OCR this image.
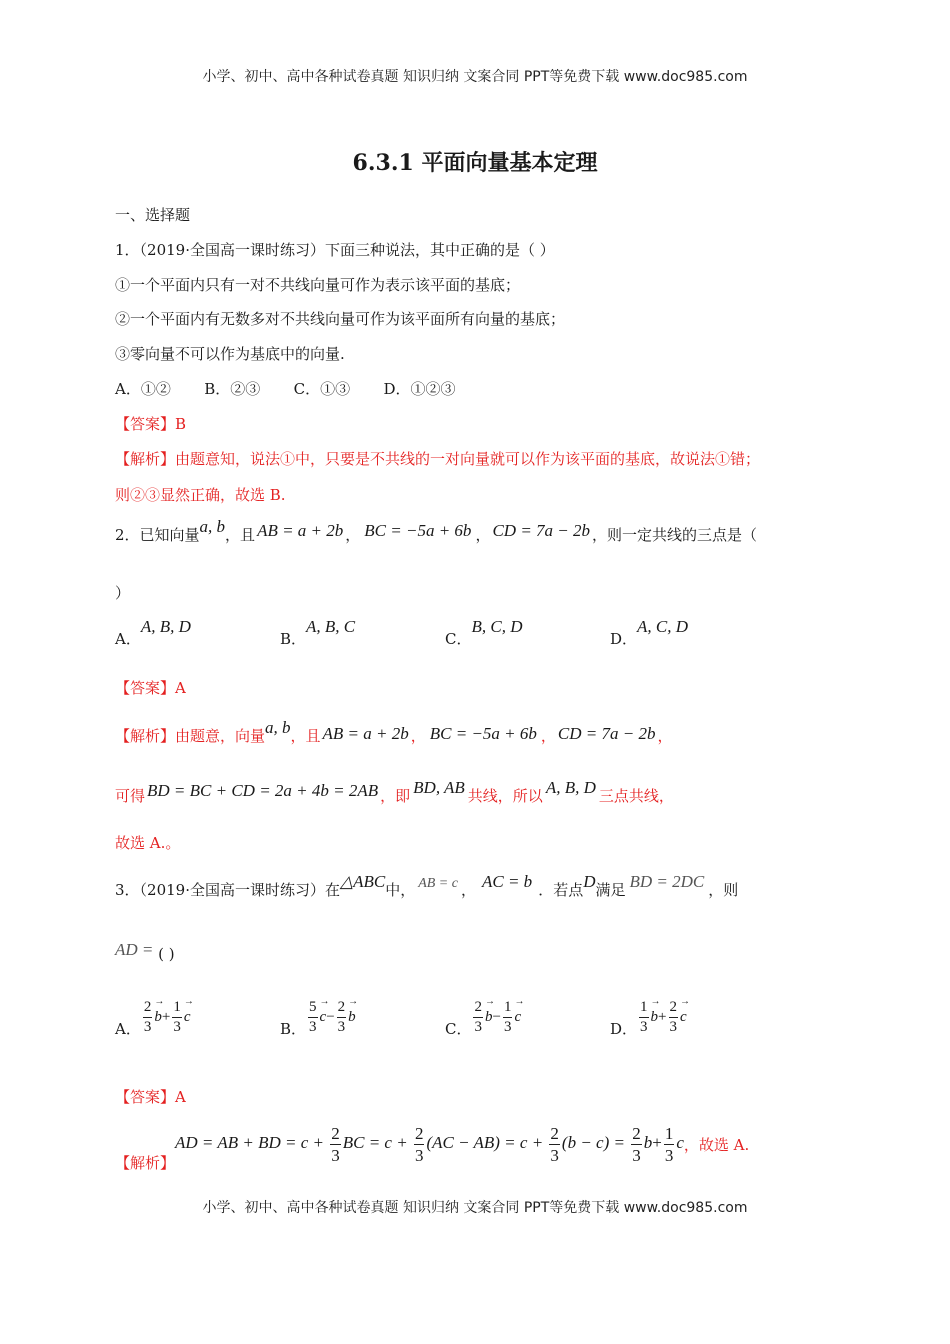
小学、初中、高中各种试卷真题 知识归纳 文案合同 PPT等免费下载 www.doc985.com
小学、初中、高中各种试卷真题 知识归纳 文案合同 PPT等免费下载 www.doc985.com
6.3.1 平面向量基本定理
一、选择题
1．（2019·全国高一课时练习）下面三种说法，其中正确的是（ ）
①一个平面内只有一对不共线向量可作为表示该平面的基底；
②一个平面内有无数多对不共线向量可作为该平面所有向量的基底；
③零向量不可以作为基底中的向量.
A．①②       B．②③       C．①③       D．①②③
【答案】B
【解析】由题意知，说法①中，只要是不共线的一对向量就可以作为该平面的基底，故说法①错；
则②③显然正确，故选 B.
2．已知向量a, b，且 AB = a + 2b ， BC = −5a + 6b ， CD = 7a − 2b ，则一定共线的三点是（
）
A．A, B, D
B．A, B, C
C．B, C, D
D．A, C, D
【答案】A
【解析】由题意，向量a, b，且 AB = a + 2b ， BC = −5a + 6b ， CD = 7a − 2b ，
可得 BD = BC + CD = 2a + 4b = 2AB ，即 BD, AB 共线，所以 A, B, D 三点共线，
故选 A.。
3．（2019·全国高一课时练习）在△ABC中， AB = c ， AC = b ．若点D满足 BD = 2DC ，则
AD = ( )
A． $\frac{2}{3} \to b+ \frac{1}{3} \to c$
B． $\frac{5}{3} \to c- \frac{2}{3} \to b$
C． $\frac{2}{3} \to b- \frac{1}{3} \to c$
D． $\frac{1}{3} \to b+ \frac{2}{3} \to c$
【答案】A
【解析】AD = AB + BD = $c + \frac{2}{3}$ BC = $c + \frac{2}{3} (AC - AB) = c + \frac{2}{3} (b - c) = \frac{2}{3} b+ \frac{1}{3}$ c，故选 A.
